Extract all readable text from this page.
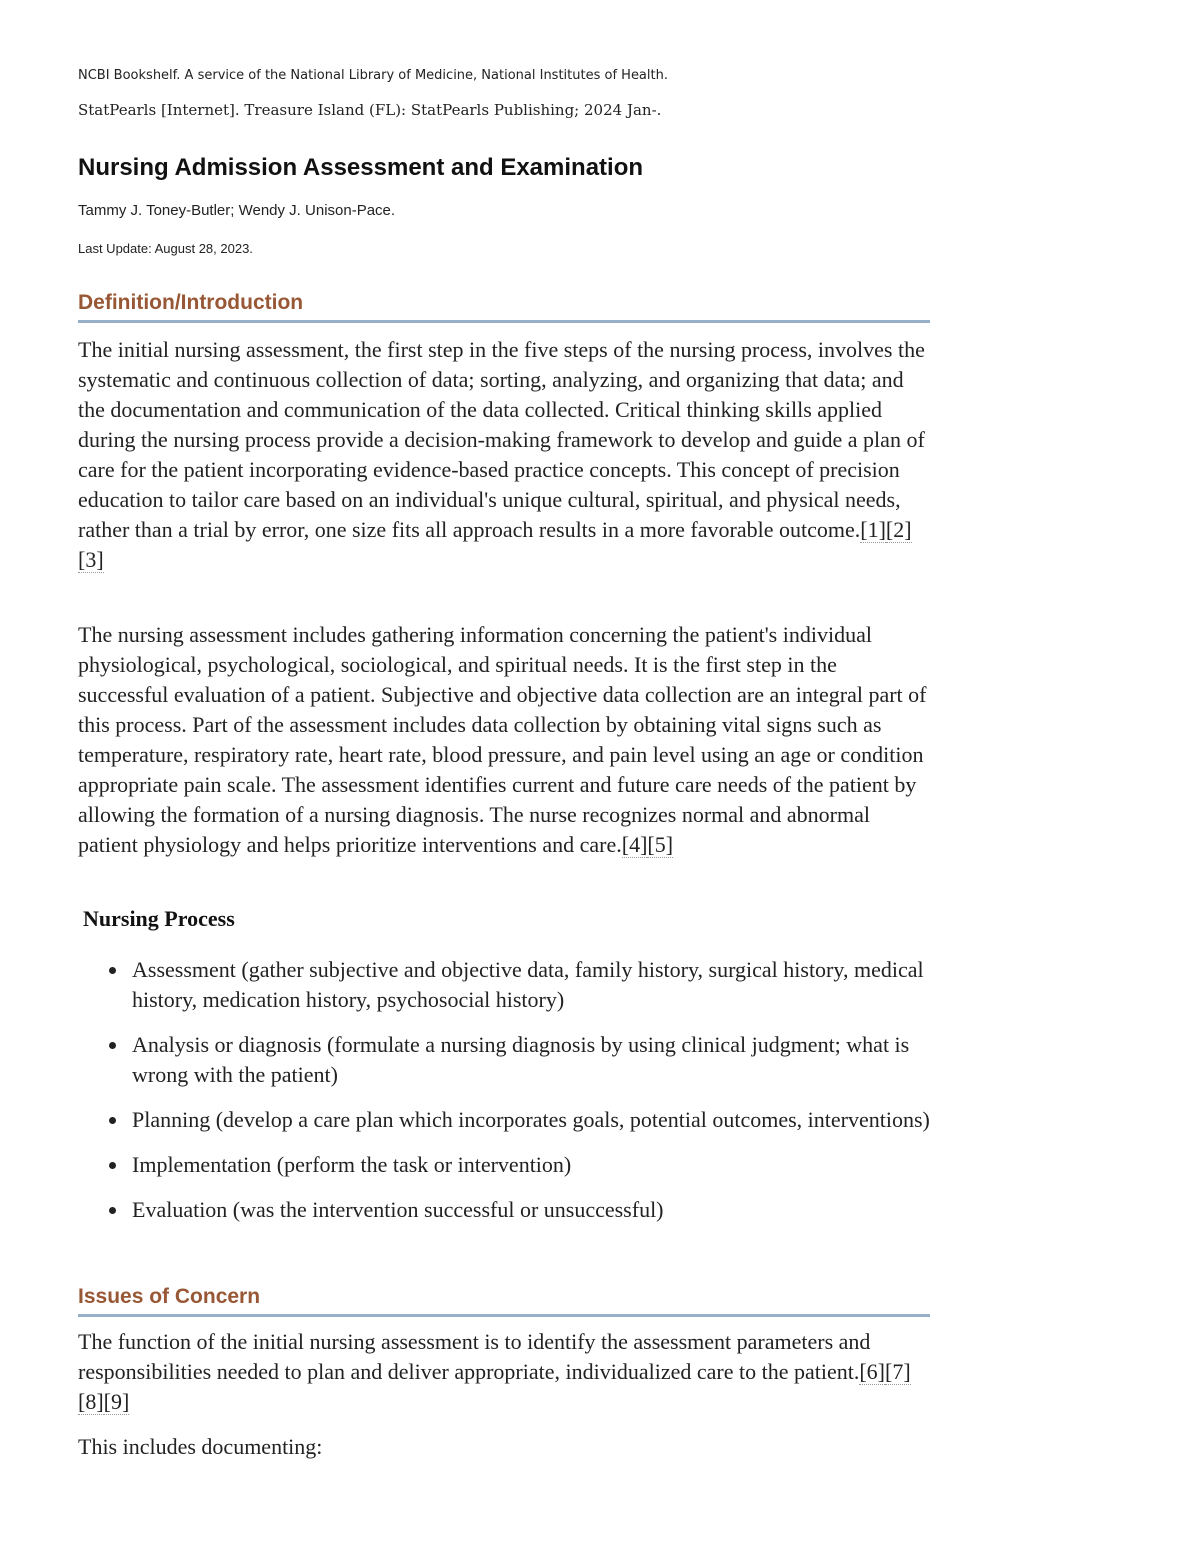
NCBI Bookshelf. A service of the National Library of Medicine, National Institutes of Health.
StatPearls [Internet]. Treasure Island (FL): StatPearls Publishing; 2024 Jan-.
Nursing Admission Assessment and Examination
Tammy J. Toney-Butler; Wendy J. Unison-Pace.
Last Update: August 28, 2023.
Definition/Introduction

The initial nursing assessment, the first step in the five steps of the nursing process, involves the systematic and continuous collection of data; sorting, analyzing, and organizing that data; and the documentation and communication of the data collected. Critical thinking skills applied during the nursing process provide a decision-making framework to develop and guide a plan of care for the patient incorporating evidence-based practice concepts. This concept of precision education to tailor care based on an individual's unique cultural, spiritual, and physical needs, rather than a trial by error, one size fits all approach results in a more favorable outcome.[1][2][3]

The nursing assessment includes gathering information concerning the patient's individual physiological, psychological, sociological, and spiritual needs. It is the first step in the successful evaluation of a patient. Subjective and objective data collection are an integral part of this process. Part of the assessment includes data collection by obtaining vital signs such as temperature, respiratory rate, heart rate, blood pressure, and pain level using an age or condition appropriate pain scale. The assessment identifies current and future care needs of the patient by allowing the formation of a nursing diagnosis. The nurse recognizes normal and abnormal patient physiology and helps prioritize interventions and care.[4][5]

Nursing Process
Assessment (gather subjective and objective data, family history, surgical history, medical history, medication history, psychosocial history)
Analysis or diagnosis (formulate a nursing diagnosis by using clinical judgment; what is wrong with the patient)
Planning (develop a care plan which incorporates goals, potential outcomes, interventions)
Implementation (perform the task or intervention)
Evaluation (was the intervention successful or unsuccessful)
Issues of Concern

The function of the initial nursing assessment is to identify the assessment parameters and responsibilities needed to plan and deliver appropriate, individualized care to the patient.[6][7][8][9]

This includes documenting:
